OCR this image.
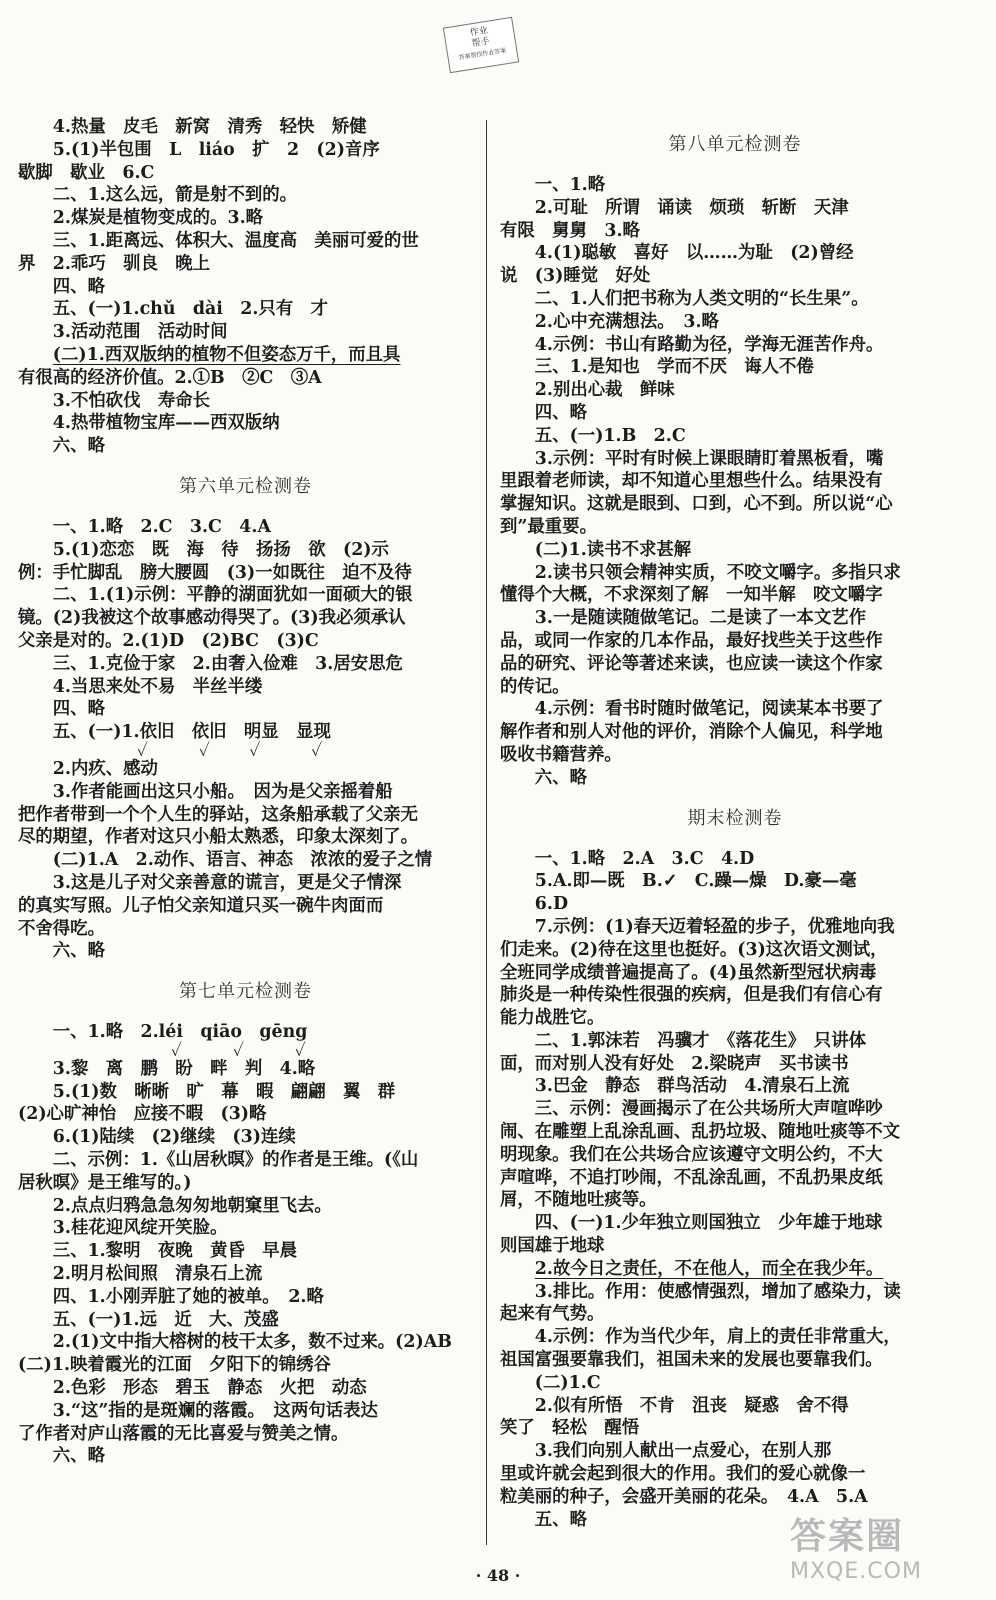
作业
帮手
答案帮找作业答案
4.热量　皮毛　新窝　清秀　轻快　矫健
5.(1)半包围　L　liáo　扩　2　(2)音序
歇脚　歇业　6.C
二、1.这么远，箭是射不到的。
2.煤炭是植物变成的。3.略
三、1.距离远、体积大、温度高　美丽可爱的世
界　2.乖巧　驯良　晚上
四、略
五、(一)1.chǔ　dài　2.只有　才
3.活动范围　活动时间
(二)1.西双版纳的植物不但姿态万千，而且具
有很高的经济价值。2.①B　②C　③A
3.不怕砍伐　寿命长
4.热带植物宝库——西双版纳
六、略
第六单元检测卷
一、1.略　2.C　3.C　4.A
5.(1)恋恋　既　海　待　扬扬　欲　(2)示
例：手忙脚乱　膀大腰圆　(3)一如既往　迫不及待
二、1.(1)示例：平静的湖面犹如一面硕大的银
镜。(2)我被这个故事感动得哭了。(3)我必须承认
父亲是对的。2.(1)D　(2)BC　(3)C
三、1.克俭于家　2.由奢入俭难　3.居安思危
4.当思来处不易　半丝半缕
四、略
五、(一)1.依旧　依旧　明显　显现
　　　　　　　✓　　　✓　　 ✓　　　✓
2.内疚、感动
3.作者能画出这只小船。　因为是父亲摇着船
把作者带到一个个人生的驿站，这条船承载了父亲无
尽的期望，作者对这只小船太熟悉，印象太深刻了。
(二)1.A　2.动作、语言、神态　浓浓的爱子之情
3.这是儿子对父亲善意的谎言，更是父子情深
的真实写照。儿子怕父亲知道只买一碗牛肉面而
不舍得吃。
六、略
第七单元检测卷
一、1.略　2.léi　qiāo　gēng
　　　　　　　　　✓　　　✓　　　✓
3.黎　离　鹏　盼　畔　判　4.略
5.(1)数　晰晰　旷　幕　暇　翩翩　翼　群
(2)心旷神怡　应接不暇　(3)略
6.(1)陆续　(2)继续　(3)连续
二、示例：1.《山居秋暝》的作者是王维。(《山
居秋暝》是王维写的。)
2.点点归鸦急急匆匆地朝窠里飞去。
3.桂花迎风绽开笑脸。
三、1.黎明　夜晚　黄昏　早晨
2.明月松间照　清泉石上流
四、1.小刚弄脏了她的被单。　2.略
五、(一)1.远　近　大、茂盛
2.(1)文中指大榕树的枝干太多，数不过来。(2)AB
(二)1.映着霞光的江面　夕阳下的锦绣谷
2.色彩　形态　碧玉　静态　火把　动态
3.“这”指的是斑斓的落霞。　这两句话表达
了作者对庐山落霞的无比喜爱与赞美之情。
六、略
第八单元检测卷
一、1.略
2.可耻　所谓　诵读　烦琐　斩断　天津
有限　舅舅　3.略
4.(1)聪敏　喜好　以……为耻　(2)曾经
说　(3)睡觉　好处
二、1.人们把书称为人类文明的“长生果”。
2.心中充满想法。　3.略
4.示例：书山有路勤为径，学海无涯苦作舟。
三、1.是知也　学而不厌　诲人不倦
2.别出心裁　鲜味
四、略
五、(一)1.B　2.C
3.示例：平时有时候上课眼睛盯着黑板看，嘴
里跟着老师读，却不知道心里想些什么。结果没有
掌握知识。这就是眼到、口到，心不到。所以说“心
到”最重要。
(二)1.读书不求甚解
2.读书只领会精神实质，不咬文嚼字。多指只求
懂得个大概，不求深刻了解　一知半解　咬文嚼字
3.一是随读随做笔记。二是读了一本文艺作
品，或同一作家的几本作品，最好找些关于这些作
品的研究、评论等著述来读，也应读一读这个作家
的传记。
4.示例：看书时随时做笔记，阅读某本书要了
解作者和别人对他的评价，消除个人偏见，科学地
吸收书籍营养。
六、略
期末检测卷
一、1.略　2.A　3.C　4.D
5.A.即—既　B.✓　C.躁—燥　D.豪—毫
6.D
7.示例：(1)春天迈着轻盈的步子，优雅地向我
们走来。(2)待在这里也挺好。(3)这次语文测试，
全班同学成绩普遍提高了。(4)虽然新型冠状病毒
肺炎是一种传染性很强的疾病，但是我们有信心有
能力战胜它。
二、1.郭沫若　冯骥才　《落花生》　只讲体
面，而对别人没有好处　2.梁晓声　买书读书
3.巴金　静态　群鸟活动　4.清泉石上流
三、示例：漫画揭示了在公共场所大声喧哗吵
闹、在雕塑上乱涂乱画、乱扔垃圾、随地吐痰等不文
明现象。我们在公共场合应该遵守文明公约，不大
声喧哗，不追打吵闹，不乱涂乱画，不乱扔果皮纸
屑，不随地吐痰等。
四、(一)1.少年独立则国独立　少年雄于地球
则国雄于地球
2.故今日之责任，不在他人，而全在我少年。
3.排比。作用：使感情强烈，增加了感染力，读
起来有气势。
4.示例：作为当代少年，肩上的责任非常重大，
祖国富强要靠我们，祖国未来的发展也要靠我们。
(二)1.C
2.似有所悟　不肯　沮丧　疑惑　舍不得
笑了　轻松　醒悟
3.我们向别人献出一点爱心，在别人那
里或许就会起到很大的作用。我们的爱心就像一
粒美丽的种子，会盛开美丽的花朵。　4.A　5.A
五、略
· 48 ·
答案圈
MXQE.COM
